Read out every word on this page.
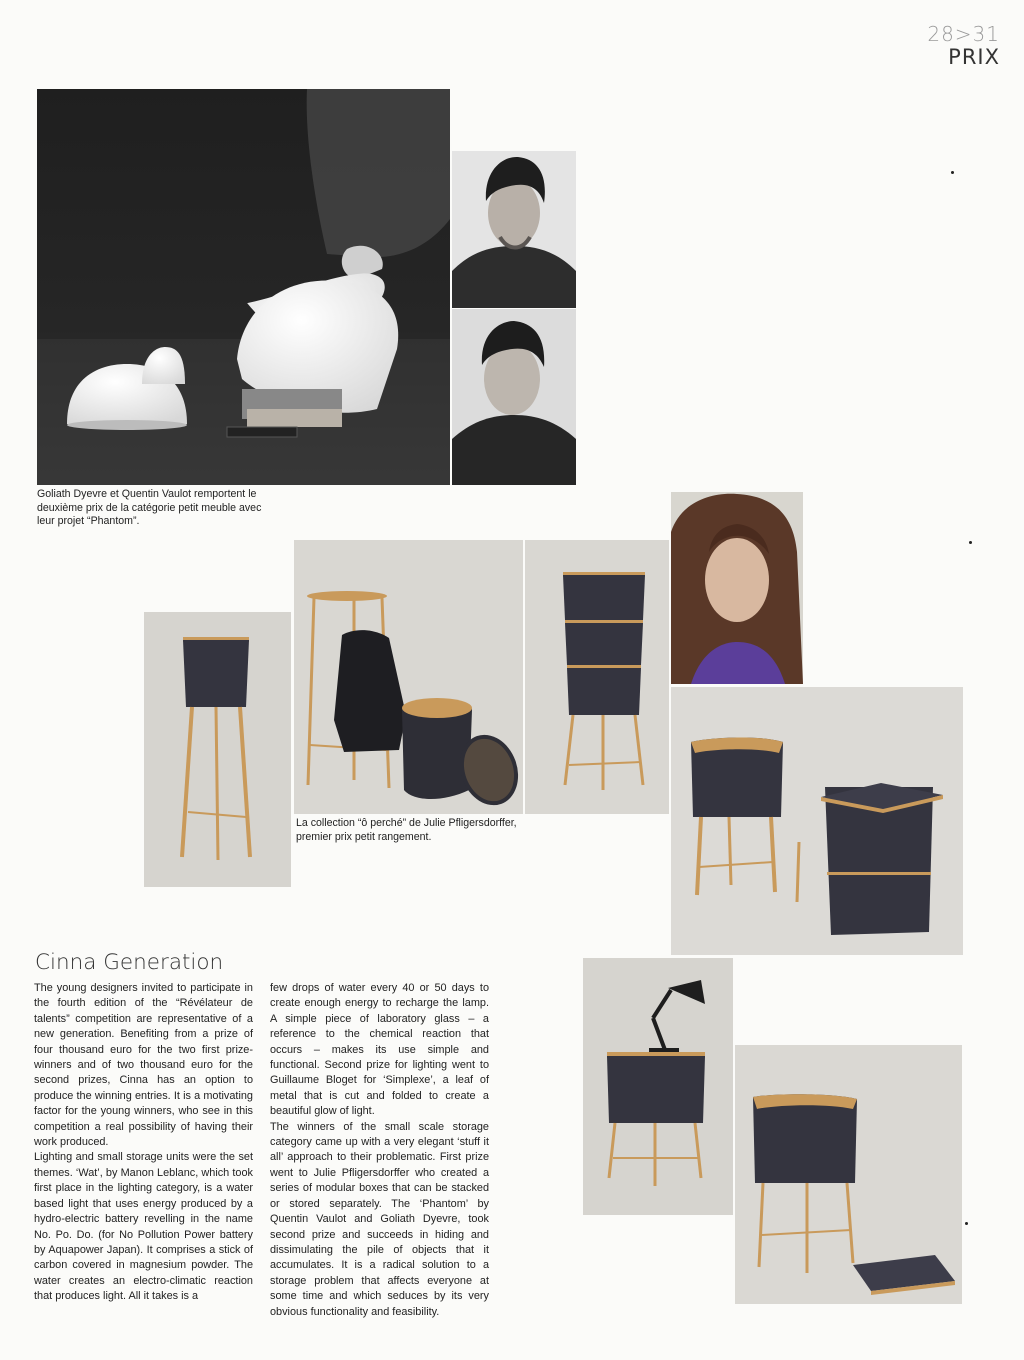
28>31
PRIX
Goliath Dyevre et Quentin Vaulot remportent le deuxième prix de la catégorie petit meuble avec leur projet “Phantom”.
La collection “ô perché” de Julie Pfligersdorffer, premier prix petit rangement.
Cinna Generation

The young designers invited to participate in the fourth edition of the “Révélateur de talents” competition are representative of a new generation. Benefiting from a prize of four thousand euro for the two first prize-winners and of two thousand euro for the second prizes, Cinna has an option to produce the winning entries. It is a motivating factor for the young winners, who see in this competition a real possibility of having their work produced.

Lighting and small storage units were the set themes. ‘Wat’, by Manon Leblanc, which took first place in the lighting category, is a water based light that uses energy produced by a hydro-electric battery revelling in the name No. Po. Do. (for No Pollution Power battery by Aquapower Japan). It comprises a stick of carbon covered in magnesium powder. The water creates an electro-climatic reaction that produces light. All it takes is a

few drops of water every 40 or 50 days to create enough energy to recharge the lamp. A simple piece of laboratory glass – a reference to the chemical reaction that occurs – makes its use simple and functional. Second prize for lighting went to Guillaume Bloget for ‘Simplexe’, a leaf of metal that is cut and folded to create a beautiful glow of light.

The winners of the small scale storage category came up with a very elegant ‘stuff it all’ approach to their problematic. First prize went to Julie Pfligersdorffer who created a series of modular boxes that can be stacked or stored separately. The ‘Phantom’ by Quentin Vaulot and Goliath Dyevre, took second prize and succeeds in hiding and dissimulating the pile of objects that it accumulates. It is a radical solution to a storage problem that affects everyone at some time and which seduces by its very obvious functionality and feasibility.
